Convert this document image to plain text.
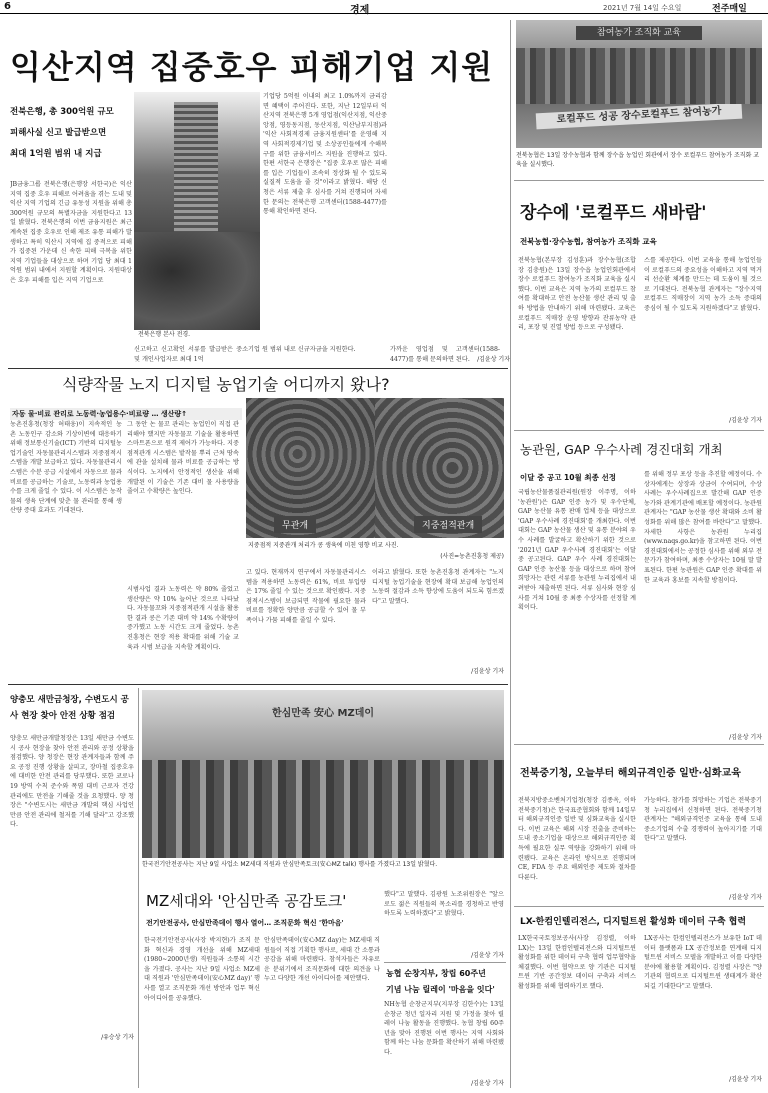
6	경제	2021년 7월 14일 수요일	전주매일
익산지역 집중호우 피해기업 지원
전북은행, 총 300억원 규모
피해사실 신고 발급받으면
최대 1억원 범위 내 지급
JB금융그룹 전북은행(은행장 서한국)은 익산지역 집중 호우 피해로 어려움을 겪는 도내 및 익산 지역 기업의 긴급 유동성 지원을 위해 총 300억원 규모의 특별자금을 지원한다고 13일 밝혔다. 전북은행의 이번 금융지원은 최근 계속된 집중 호우로 인해 제조 유통 피해가 발생하고 특히 익산시 지역에 집 중적으로 피해가 집중된 가운데 신 속한 피해 극복을 위한 지역 기업들을 대상으로 하며 기업 당 최대 1억원 범위 내에서 지원할 계획이다. 지원대상은 호우 피해를 입은 지역 기업으로
전북은행 본사 전경.
신고하고 신고확인 서류를 발급받은 중소기업 및 개인사업자로 최대 1억
원 범위 내로 신규자금을 지원한다.
기업당 5억원 이내의 최고 1.0%까지 금리감면 혜택이 주어진다. 또한, 지난 12일부터 익산지역 전북은행 5개 영업점(익산지점, 익산중앙점, 영등동지점, 동산지점, 익산남부지점)과 '익산 사회적경제 금융지원센터'를 운영해 지역 사회적경제기업 및 소상공인들에게 수해복구를 위한 금융서비스 지원을 진행하고 있다. 한편 서한국 은행장은 "집중 호우로 많은 피해를 입은 기업들이 조속히 정상화 될 수 있도록 실질적 도움을 줄 것"이라고 밝혔다. 해당 신청은 서류 제출 후 심사를 거쳐 진행되며 자세한 문의는 전북은행 고객센터(1588-4477)를 통해 확인하면 된다.
가까운 영업점 및 고객센터(1588-4477)를 통해 문의하면 된다.	/김윤상 기자
참여농가 조직화 교육
로컬푸드 성공 장수로컬푸드 참여농가
전북농협은 13일 장수농협과 함께 장수읍 농업인 회관에서 장수 로컬푸드 참여농가 조직화 교육을 실시했다.
장수에 '로컬푸드 새바람'
전북농협·장수농협, 참여농가 조직화 교육
전북농협(본부장 김성훈)과 장수농협(조합장 김충원)은 13일 장수읍 농업인회관에서 장수 로컬푸드 참여농가 조직화 교육을 실시했다. 이번 교육은 지역 농가의 로컬푸드 참여를 확대하고 안전 농산물 생산 관리 및 출하 방법을 안내하기 위해 마련됐다. 교육은 로컬푸드 직매장 운영 방향과 잔류농약 관리, 포장 및 진열 방법 등으로 구성됐다.
스를 제공한다. 이번 교육을 통해 농업인들이 로컬푸드의 중요성을 이해하고 지역 먹거리 선순환 체계를 만드는 데 도움이 될 것으로 기대된다. 전북농협 관계자는 "장수지역 로컬푸드 직매장이 지역 농가 소득 증대의 중심이 될 수 있도록 지원하겠다"고 밝혔다.
/김윤상 기자
식량작물 노지 디지털 농업기술 어디까지 왔나?
자동 물·비료 관리로 노동력·농업용수·비료량 … 생산량↑
농촌진흥청(청장 허태웅)이 지속적인 농촌 노동인구 감소와 기상이변에 대응하기 위해 정보통신기술(ICT) 기반의 디지털농업기술인 자동물관리시스템과 지중점적시스템을 개발 보급하고 있다. 자동물관리시스템은 수분 공급 시설에서 자동으로 물과 비료를 공급하는 기술로, 노동력과 농업용수를 크게 줄일 수 있다. 이 시스템은 농작물의 생육 단계에 맞춘 물 관리를 통해 생산량 증대 효과도 기대된다.
그 동안 논 물꼬 관리는 농업인이 직접 관리해야 했지만 자동물꼬 기술을 활용하면 스마트폰으로 원격 제어가 가능하다. 지중점적관개 시스템은 밭작물 뿌리 근처 땅속에 관을 설치해 물과 비료를 공급하는 방식이다. 노지에서 안정적인 생산을 위해 개발된 이 기술은 기존 대비 물 사용량을 줄이고 수확량은 높인다.
시범사업 결과 노동력은 약 80% 줄었고 생산량은 약 10% 늘어난 것으로 나타났다. 자동물꼬와 지중점적관개 시설을 활용한 결과 콩은 기존 대비 약 14% 수확량이 증가했고 노동 시간도 크게 줄었다. 농촌진흥청은 현장 적용 확대를 위해 기술 교육과 시범 보급을 지속할 계획이다.
무관개	지중점적관개
지중점적 지중관개 처리가 콩 생육에 미친 영향 비교 사진.
(사진=농촌진흥청 제공)
고 있다. 현재까지 연구에서 자동물관리시스템을 적용하면 노동력은 61%, 비료 투입량은 17% 줄일 수 있는 것으로 확인됐다. 지중점적시스템이 보급되면 작물에 필요한 물과 비료를 정확한 양만큼 공급할 수 있어 물 부족이나 가뭄 피해를 줄일 수 있다.
이라고 밝혔다. 또한 농촌진흥청 관계자는 "노지 디지털 농업기술을 현장에 확대 보급해 농업인의 노동력 절감과 소득 향상에 도움이 되도록 힘쓰겠다"고 말했다.
/김윤상 기자
농관원, GAP 우수사례 경진대회 개최
이달 중 공고 10월 최종 선정
국립농산물품질관리원(원장 이주명, 이하 '농관원')은 GAP 인증 농가 및 우수단체, GAP 농산물 유통 판매 업체 등을 대상으로 'GAP 우수사례 경진대회'를 개최한다. 이번 대회는 GAP 농산물 생산 및 유통 분야의 우수 사례를 발굴하고 확산하기 위한 것으로 '2021년 GAP 우수사례 경진대회'는 이달 중 공고된다. GAP 우수 사례 경진대회는 GAP 인증 농산물 등을 대상으로 하며 참여 희망자는 관련 서류를 농관원 누리집에서 내려받아 제출하면 된다. 서류 심사와 현장 심사를 거쳐 10월 중 최종 수상자를 선정할 계획이다.
를 위해 정부 포상 등을 추진할 예정이다. 수상자에게는 상장과 상금이 수여되며, 수상 사례는 우수사례집으로 발간해 GAP 인증 농가와 관계기관에 배포할 예정이다. 농관원 관계자는 "GAP 농산물 생산 확대와 소비 활성화를 위해 많은 참여를 바란다"고 말했다. 자세한 사항은 농관원 누리집(www.naqs.go.kr)을 참고하면 된다. 이번 경진대회에서는 공정한 심사를 위해 외부 전문가가 참여하며, 최종 수상자는 10월 말 발표된다. 한편 농관원은 GAP 인증 확대를 위한 교육과 홍보를 지속할 방침이다.
/김윤상 기자
전북중기청, 오늘부터 해외규격인증 일반·심화교육
전북지방중소벤처기업청(청장 김종옥, 이하 전북중기청)은 한국표준협회와 함께 14일부터 해외규격인증 일반 및 심화교육을 실시한다. 이번 교육은 해외 시장 진출을 준비하는 도내 중소기업을 대상으로 해외규격인증 획득에 필요한 실무 역량을 강화하기 위해 마련됐다. 교육은 온라인 방식으로 진행되며 CE, FDA 등 주요 해외인증 제도와 절차를 다룬다.
가능하다. 참가를 희망하는 기업은 전북중기청 누리집에서 신청하면 된다. 전북중기청 관계자는 "해외규격인증 교육을 통해 도내 중소기업의 수출 경쟁력이 높아지기를 기대한다"고 말했다.
/김윤상 기자
양충모 새만금청장, 수변도시 공사 현장 찾아 안전 상황 점검
양충모 새만금개발청장은 13일 새만금 수변도시 공사 현장을 찾아 안전 관리와 공정 상황을 점검했다. 양 청장은 현장 관계자들과 함께 주요 공정 진행 상황을 살피고, 장마철 집중호우에 대비한 안전 관리를 당부했다. 또한 코로나19 방역 수칙 준수와 폭염 대비 근로자 건강 관리에도 만전을 기해줄 것을 요청했다. 양 청장은 "수변도시는 새만금 개발의 핵심 사업인 만큼 안전 관리에 철저를 기해 달라"고 강조했다.
/유승상 기자
한심만족 安心 MZ데이
한국전기안전공사는 지난 9일 사업소 MZ세대 직원과 안심만족토크(安心MZ talk) 행사를 가졌다고 13일 밝혔다.
MZ세대와 '안심만족 공감토크'
전기안전공사, 안심만족데이 행사 열어… 조직문화 혁신 '한마음'
한국전기안전공사(사장 박지현)가 조직 문화 혁신과 경영 개선을 위해 MZ세대(1980~2000년생) 직원들과 소통의 시간을 가졌다. 공사는 지난 9일 사업소 MZ세대 직원과 '안심만족데이(安心MZ day)' 행사를 열고 조직문화 개선 방안과 업무 혁신 아이디어를 공유했다.
안심만족데이(安心MZ day)는 MZ세대 직원들이 직접 기획한 행사로, 세대 간 소통과 공감을 위해 마련됐다. 참석자들은 자유로운 분위기에서 조직문화에 대한 의견을 나누고 다양한 개선 아이디어를 제안했다.
했다"고 말했다. 김광원 노조위원장은 "앞으로도 젊은 직원들의 목소리를 경청하고 반영하도록 노력하겠다"고 밝혔다.
/김윤상 기자
농협 순창지부, 창립 60주년
기념 나눔 릴레이 '마음을 잇다'
NH농협 순창군지부(지부장 김한수)는 13일 순창군 청년 일자리 지원 및 가정을 찾아 릴레이 나눔 활동을 진행했다. 농협 창립 60주년을 맞아 진행된 이번 행사는 지역 사회와 함께 하는 나눔 문화를 확산하기 위해 마련됐다.
/김윤상 기자
LX-한컴인텔리전스, 디지털트윈 활성화 데이터 구축 협력
LX한국국토정보공사(사장 김정렬, 이하 LX)는 13일 한컴인텔리전스와 디지털트윈 활성화를 위한 데이터 구축 협력 업무협약을 체결했다. 이번 협약으로 양 기관은 디지털트윈 기반 공간정보 데이터 구축과 서비스 활성화를 위해 협력하기로 했다.
LX공사는 한컴인텔리전스가 보유한 IoT 데이터 플랫폼과 LX 공간정보를 연계해 디지털트윈 서비스 모델을 개발하고 이를 다양한 분야에 활용할 계획이다. 김정렬 사장은 "양 기관의 협력으로 디지털트윈 생태계가 확산되길 기대한다"고 말했다.
/김윤상 기자
